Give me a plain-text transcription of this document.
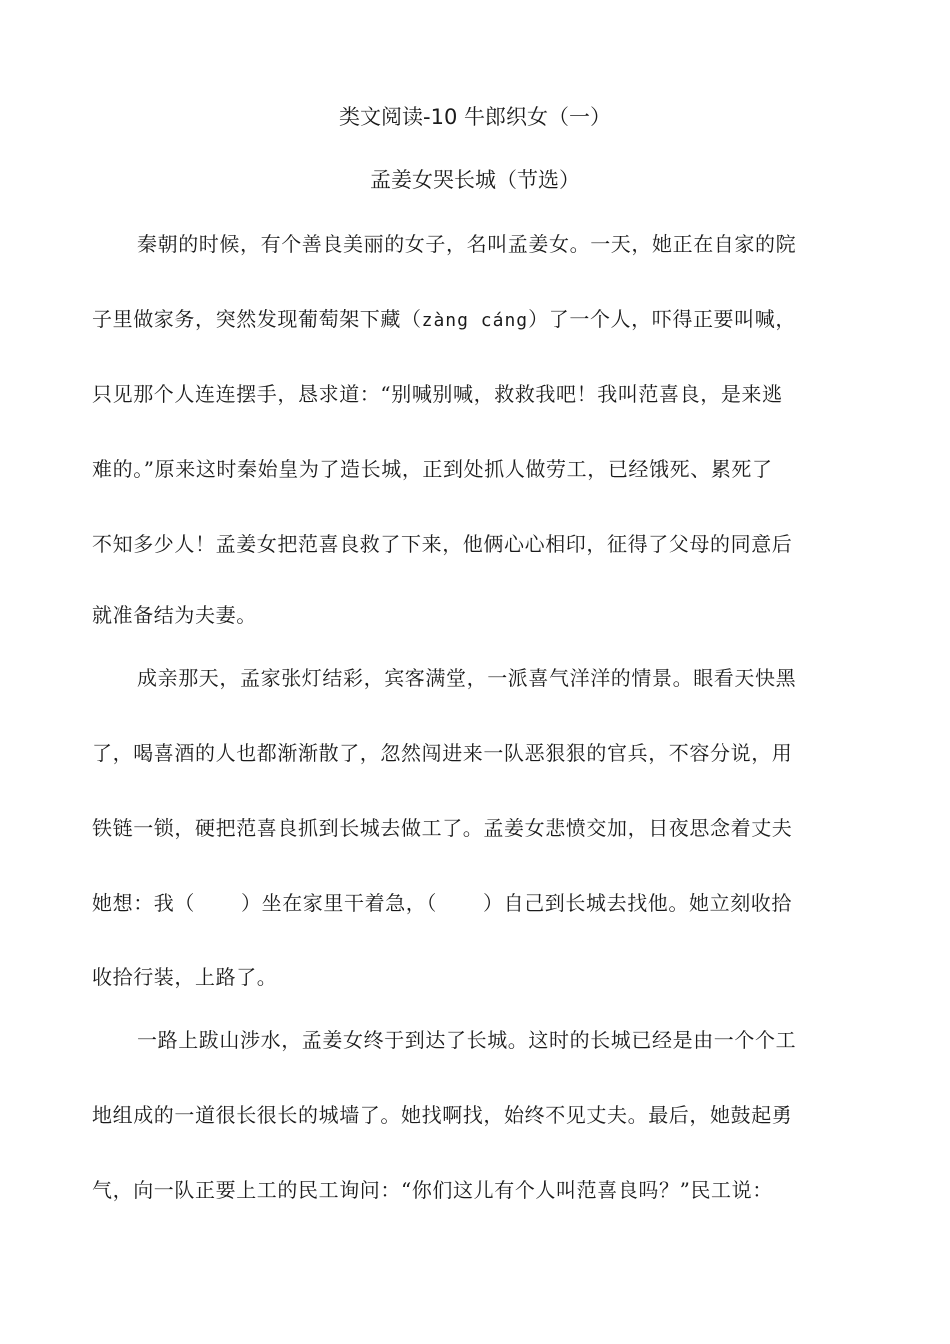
类文阅读-10 牛郎织女（一）
孟姜女哭长城（节选）
秦朝的时候，有个善良美丽的女子，名叫孟姜女。一天，她正在自家的院
子里做家务，突然发现葡萄架下藏（zàng cáng）了一个人，吓得正要叫喊，
只见那个人连连摆手，恳求道：“别喊别喊，救救我吧！我叫范喜良，是来逃
难的。”原来这时秦始皇为了造长城，正到处抓人做劳工，已经饿死、累死了
不知多少人！孟姜女把范喜良救了下来，他俩心心相印，征得了父母的同意后
就准备结为夫妻。
成亲那天，孟家张灯结彩，宾客满堂，一派喜气洋洋的情景。眼看天快黑
了，喝喜酒的人也都渐渐散了，忽然闯进来一队恶狠狠的官兵，不容分说，用
铁链一锁，硬把范喜良抓到长城去做工了。孟姜女悲愤交加，日夜思念着丈夫
她想：我（ ）坐在家里干着急，（ ）自己到长城去找他。她立刻收拾
收拾行装，上路了。
一路上跋山涉水，孟姜女终于到达了长城。这时的长城已经是由一个个工
地组成的一道很长很长的城墙了。她找啊找，始终不见丈夫。最后，她鼓起勇
气，向一队正要上工的民工询问：“你们这儿有个人叫范喜良吗？”民工说：
